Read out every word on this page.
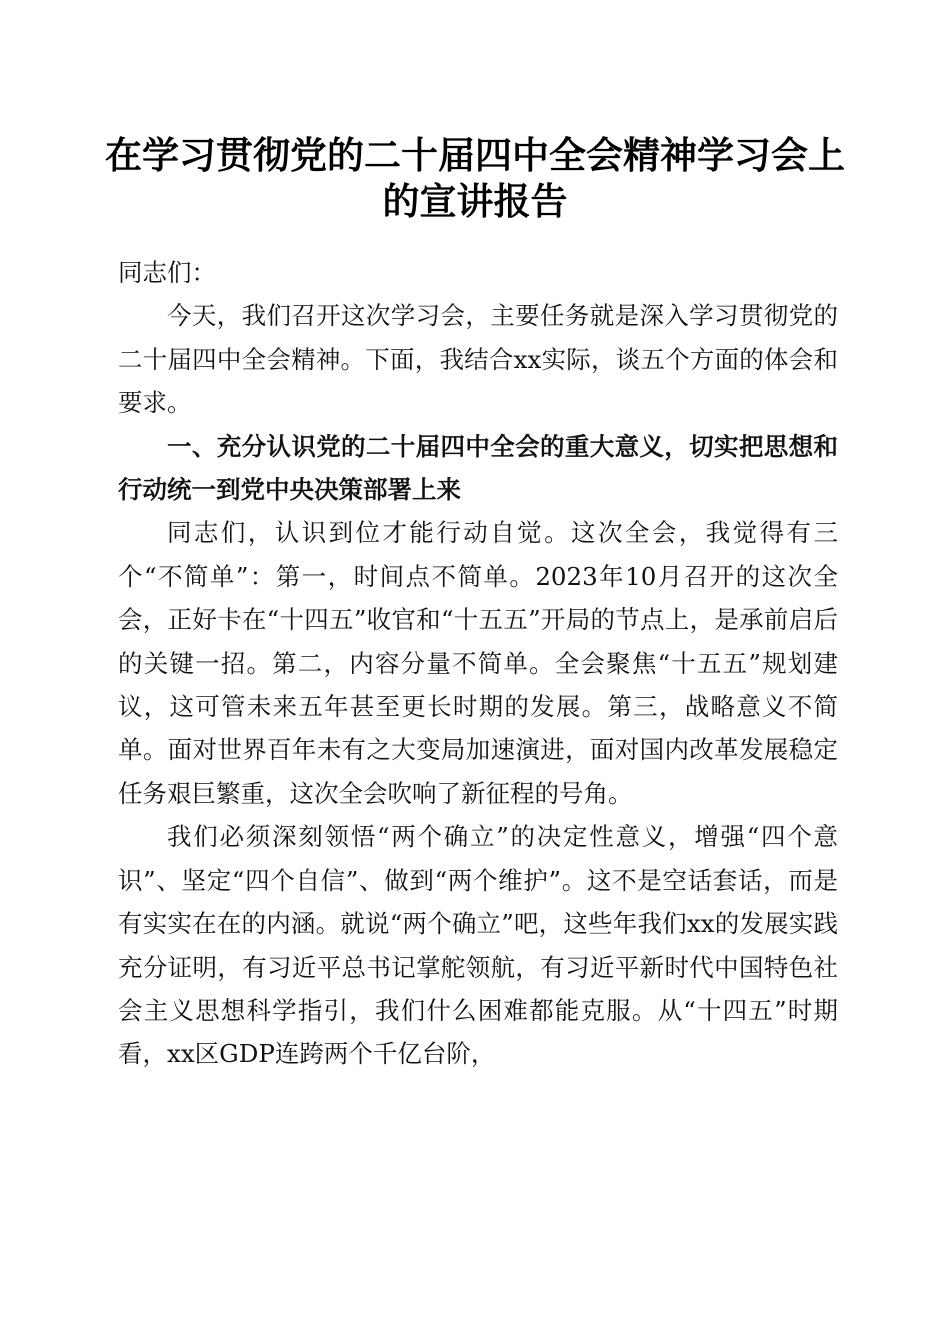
在学习贯彻党的二十届四中全会精神学习会上
的宣讲报告

同志们：

今天，我们召开这次学习会，主要任务就是深入学习贯彻党的二十届四中全会精神。下面，我结合xx实际，谈五个方面的体会和要求。

一、充分认识党的二十届四中全会的重大意义，切实把思想和行动统一到党中央决策部署上来

同志们，认识到位才能行动自觉。这次全会，我觉得有三个“不简单”：第一，时间点不简单。2023年10月召开的这次全会，正好卡在“十四五”收官和“十五五”开局的节点上，是承前启后的关键一招。第二，内容分量不简单。全会聚焦“十五五”规划建议，这可管未来五年甚至更长时期的发展。第三，战略意义不简单。面对世界百年未有之大变局加速演进，面对国内改革发展稳定任务艰巨繁重，这次全会吹响了新征程的号角。

我们必须深刻领悟“两个确立”的决定性意义，增强“四个意识”、坚定“四个自信”、做到“两个维护”。这不是空话套话，而是有实实在在的内涵。就说“两个确立”吧，这些年我们xx的发展实践充分证明，有习近平总书记掌舵领航，有习近平新时代中国特色社会主义思想科学指引，我们什么困难都能克服。从“十四五”时期看，xx区GDP连跨两个千亿台阶，
